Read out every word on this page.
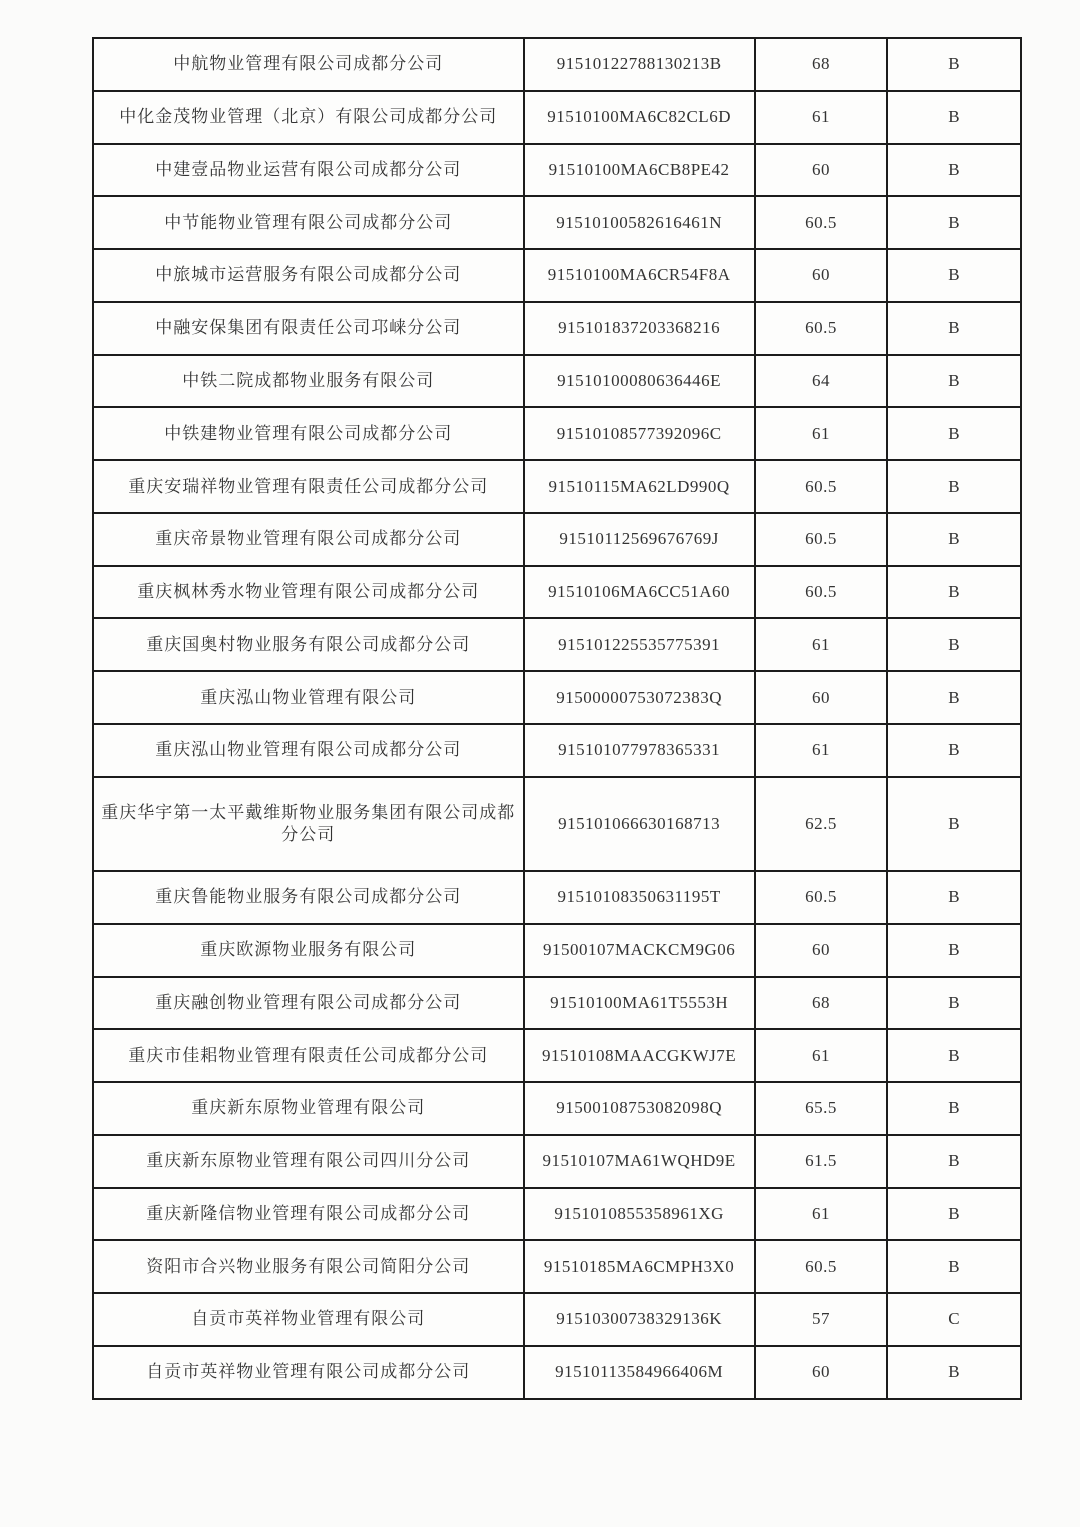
中航物业管理有限公司成都分公司	91510122788130213B	68	B
中化金茂物业管理（北京）有限公司成都分公司	91510100MA6C82CL6D	61	B
中建壹品物业运营有限公司成都分公司	91510100MA6CB8PE42	60	B
中节能物业管理有限公司成都分公司	91510100582616461N	60.5	B
中旅城市运营服务有限公司成都分公司	91510100MA6CR54F8A	60	B
中融安保集团有限责任公司邛崃分公司	915101837203368216	60.5	B
中铁二院成都物业服务有限公司	91510100080636446E	64	B
中铁建物业管理有限公司成都分公司	91510108577392096C	61	B
重庆安瑞祥物业管理有限责任公司成都分公司	91510115MA62LD990Q	60.5	B
重庆帝景物业管理有限公司成都分公司	91510112569676769J	60.5	B
重庆枫林秀水物业管理有限公司成都分公司	91510106MA6CC51A60	60.5	B
重庆国奥村物业服务有限公司成都分公司	915101225535775391	61	B
重庆泓山物业管理有限公司	91500000753072383Q	60	B
重庆泓山物业管理有限公司成都分公司	915101077978365331	61	B
重庆华宇第一太平戴维斯物业服务集团有限公司成都分公司	915101066630168713	62.5	B
重庆鲁能物业服务有限公司成都分公司	91510108350631195T	60.5	B
重庆欧源物业服务有限公司	91500107MACKCM9G06	60	B
重庆融创物业管理有限公司成都分公司	91510100MA61T5553H	68	B
重庆市佳耜物业管理有限责任公司成都分公司	91510108MAACGKWJ7E	61	B
重庆新东原物业管理有限公司	91500108753082098Q	65.5	B
重庆新东原物业管理有限公司四川分公司	91510107MA61WQHD9E	61.5	B
重庆新隆信物业管理有限公司成都分公司	9151010855358961XG	61	B
资阳市合兴物业服务有限公司简阳分公司	91510185MA6CMPH3X0	60.5	B
自贡市英祥物业管理有限公司	91510300738329136K	57	C
自贡市英祥物业管理有限公司成都分公司	91510113584966406M	60	B
